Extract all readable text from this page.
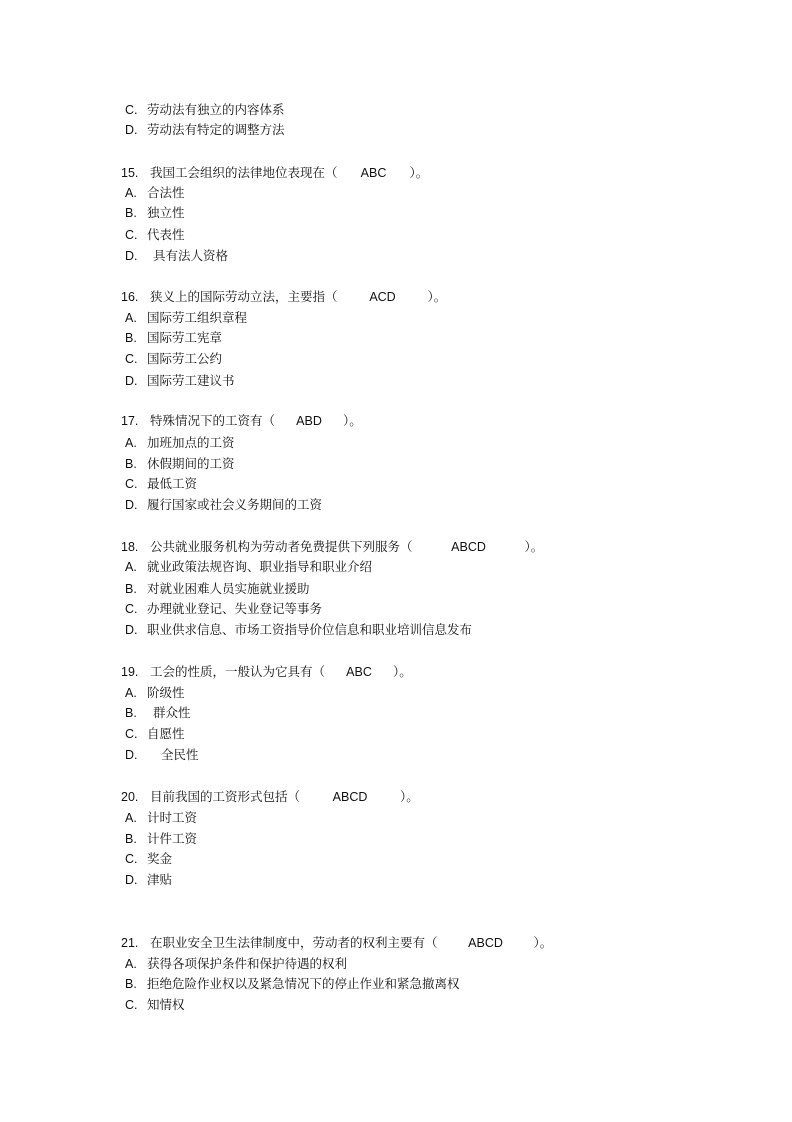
C. 劳动法有独立的内容体系
D. 劳动法有特定的调整方法
15. 我国工会组织的法律地位表现在（ ABC ）。
A. 合法性
B. 独立性
C. 代表性
D. 具有法人资格
16. 狭义上的国际劳动立法，主要指（	ACD	）。
A. 国际劳工组织章程
B. 国际劳工宪章
C. 国际劳工公约
D. 国际劳工建议书
17. 特殊情况下的工资有（ ABD ）。
A. 加班加点的工资
B. 休假期间的工资
C. 最低工资
D. 履行国家或社会义务期间的工资
18. 公共就业服务机构为劳动者免费提供下列服务（	ABCD	）。
A. 就业政策法规咨询、职业指导和职业介绍
B. 对就业困难人员实施就业援助
C. 办理就业登记、失业登记等事务
D. 职业供求信息、市场工资指导价位信息和职业培训信息发布
19. 工会的性质，一般认为它具有（ ABC ）。
A. 阶级性
B. 群众性
C. 自愿性
D. 全民性
20. 目前我国的工资形式包括（	ABCD	）。
A. 计时工资
B. 计件工资
C. 奖金
D. 津贴
21. 在职业安全卫生法律制度中，劳动者的权利主要有（ ABCD ）。
A. 获得各项保护条件和保护待遇的权利
B. 拒绝危险作业权以及紧急情况下的停止作业和紧急撤离权
C. 知情权
